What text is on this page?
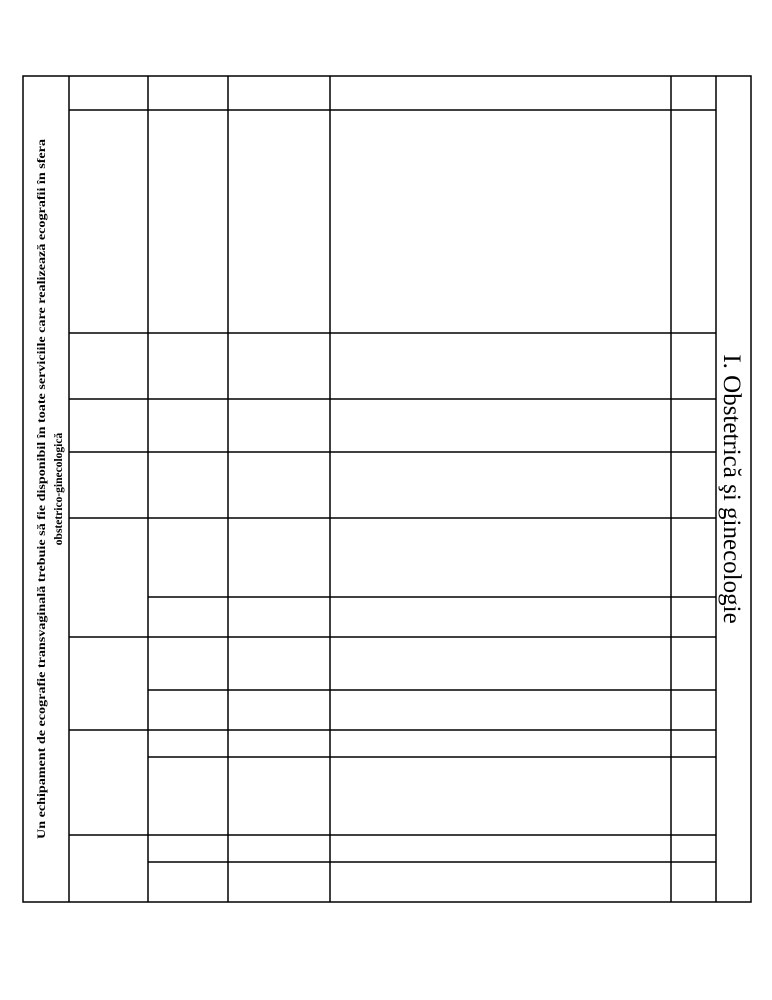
I. Obstetrică şi ginecologie
Un echipament de ecografie transvaginală trebuie să fie disponibil în toate serviciile care realizează ecografii în sfera obstetrico-ginecologică
